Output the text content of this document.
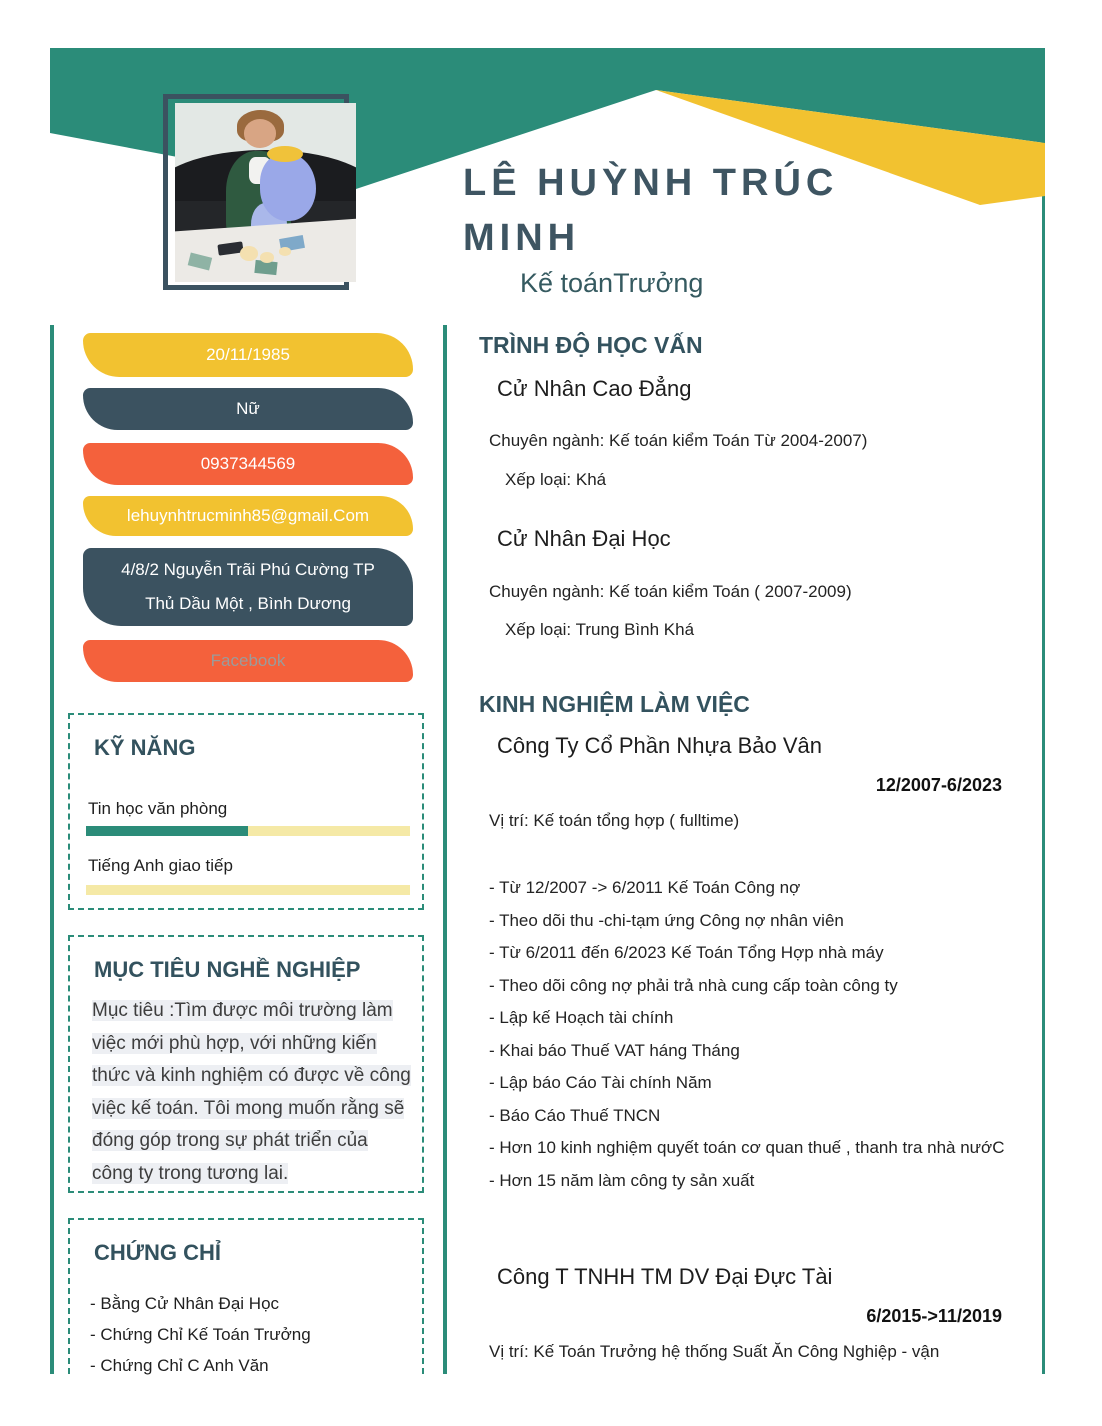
LÊ HUỲNH TRÚC MINH
Kế toánTrưởng
20/11/1985
Nữ
0937344569
lehuynhtrucminh85@gmail.Com
4/8/2 Nguyễn Trãi Phú Cường TP
Thủ Dầu Một , Bình Dương
Facebook
KỸ NĂNG
Tin học văn phòng
Tiếng Anh giao tiếp
MỤC TIÊU NGHỀ NGHIỆP
Mục tiêu :Tìm được môi trường làm việc mới phù hợp, với những kiến thức và kinh nghiệm có được về công việc kế toán. Tôi mong muốn rằng sẽ đóng góp trong sự phát triển của công ty trong tương lai.
CHỨNG CHỈ
- Bằng Cử Nhân Đại Học
- Chứng Chỉ Kế Toán Trưởng
- Chứng Chỉ C Anh Văn
TRÌNH ĐỘ HỌC VẤN
Cử Nhân Cao Đẳng
Chuyên ngành: Kế toán kiểm Toán Từ 2004-2007)
Xếp loại: Khá
Cử Nhân Đại Học
Chuyên ngành: Kế toán kiểm Toán ( 2007-2009)
Xếp loại: Trung Bình Khá
KINH NGHIỆM LÀM VIỆC
Công Ty Cổ Phần Nhựa Bảo Vân
12/2007-6/2023
Vị trí: Kế toán tổng hợp ( fulltime)
- Từ 12/2007 -> 6/2011 Kế Toán Công nợ
- Theo dõi thu -chi-tạm ứng Công nợ nhân viên
- Từ 6/2011 đến 6/2023 Kế Toán Tổng Hợp nhà máy
- Theo dõi công nợ phải trả nhà cung cấp toàn công ty
- Lập kế Hoạch tài chính
- Khai báo Thuế VAT háng Tháng
- Lập báo Cáo Tài chính Năm
- Báo Cáo Thuế TNCN
- Hơn 10 kinh nghiệm quyết toán cơ quan thuế , thanh tra nhà nướC
- Hơn 15 năm làm công ty sản xuất
Công T TNHH TM DV Đại Đực Tài
6/2015->11/2019
Vị trí: Kế Toán Trưởng hệ thống Suất Ăn Công Nghiệp - vận
